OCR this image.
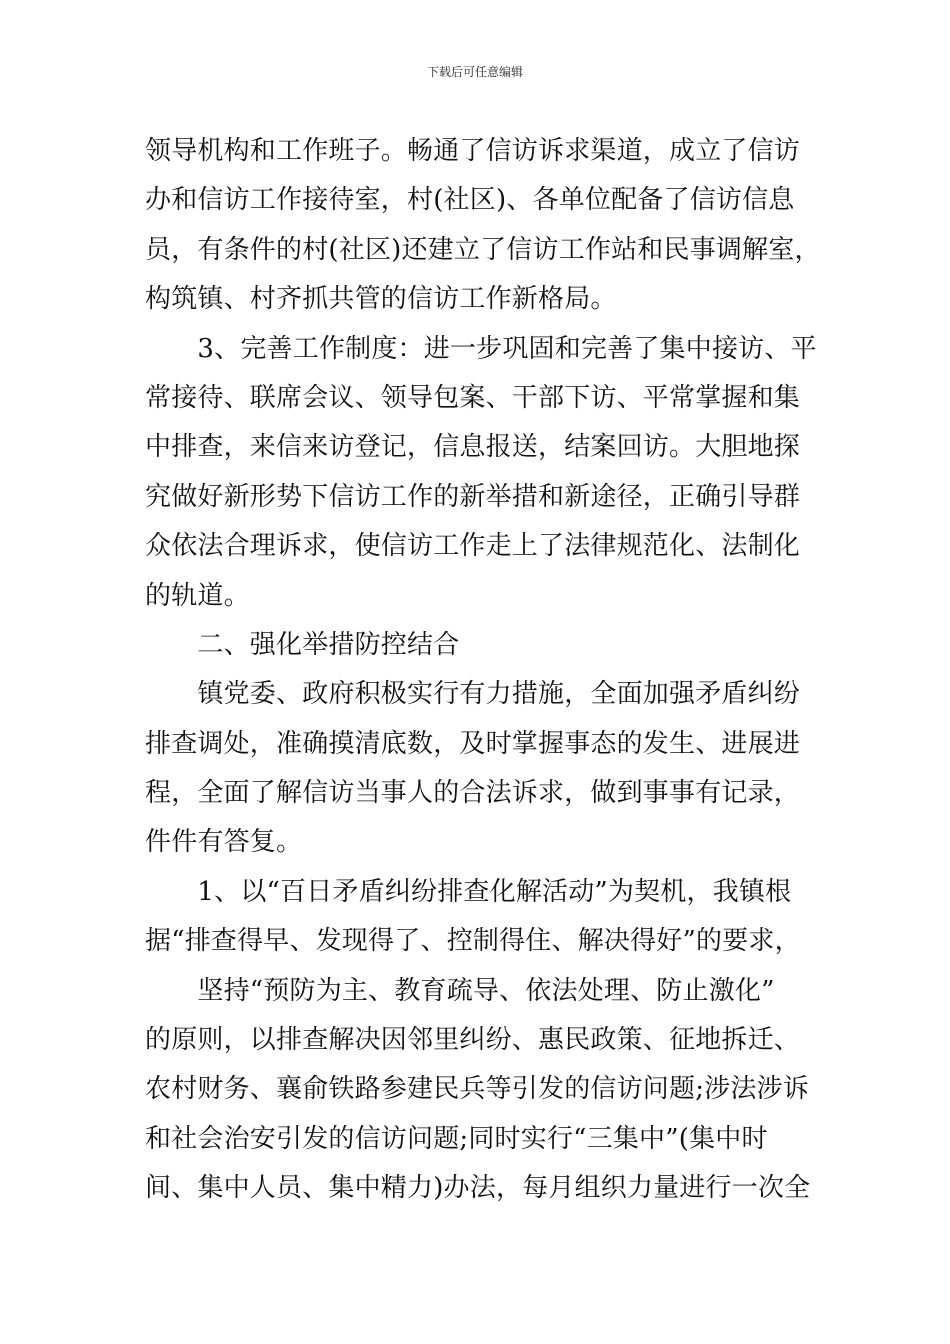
下载后可任意编辑
领导机构和工作班子。畅通了信访诉求渠道，成立了信访
办和信访工作接待室，村(社区)、各单位配备了信访信息
员，有条件的村(社区)还建立了信访工作站和民事调解室，
构筑镇、村齐抓共管的信访工作新格局。
　　3、完善工作制度：进一步巩固和完善了集中接访、平
常接待、联席会议、领导包案、干部下访、平常掌握和集
中排查，来信来访登记，信息报送，结案回访。大胆地探
究做好新形势下信访工作的新举措和新途径，正确引导群
众依法合理诉求，使信访工作走上了法律规范化、法制化
的轨道。
　　二、强化举措防控结合
　　镇党委、政府积极实行有力措施，全面加强矛盾纠纷
排查调处，准确摸清底数，及时掌握事态的发生、进展进
程，全面了解信访当事人的合法诉求，做到事事有记录，
件件有答复。
　　1、以“百日矛盾纠纷排查化解活动”为契机，我镇根
据“排查得早、发现得了、控制得住、解决得好”的要求，
　　坚持“预防为主、教育疏导、依法处理、防止激化”
的原则，以排查解决因邻里纠纷、惠民政策、征地拆迁、
农村财务、襄俞铁路参建民兵等引发的信访问题;涉法涉诉
和社会治安引发的信访问题;同时实行“三集中”(集中时
间、集中人员、集中精力)办法，每月组织力量进行一次全
